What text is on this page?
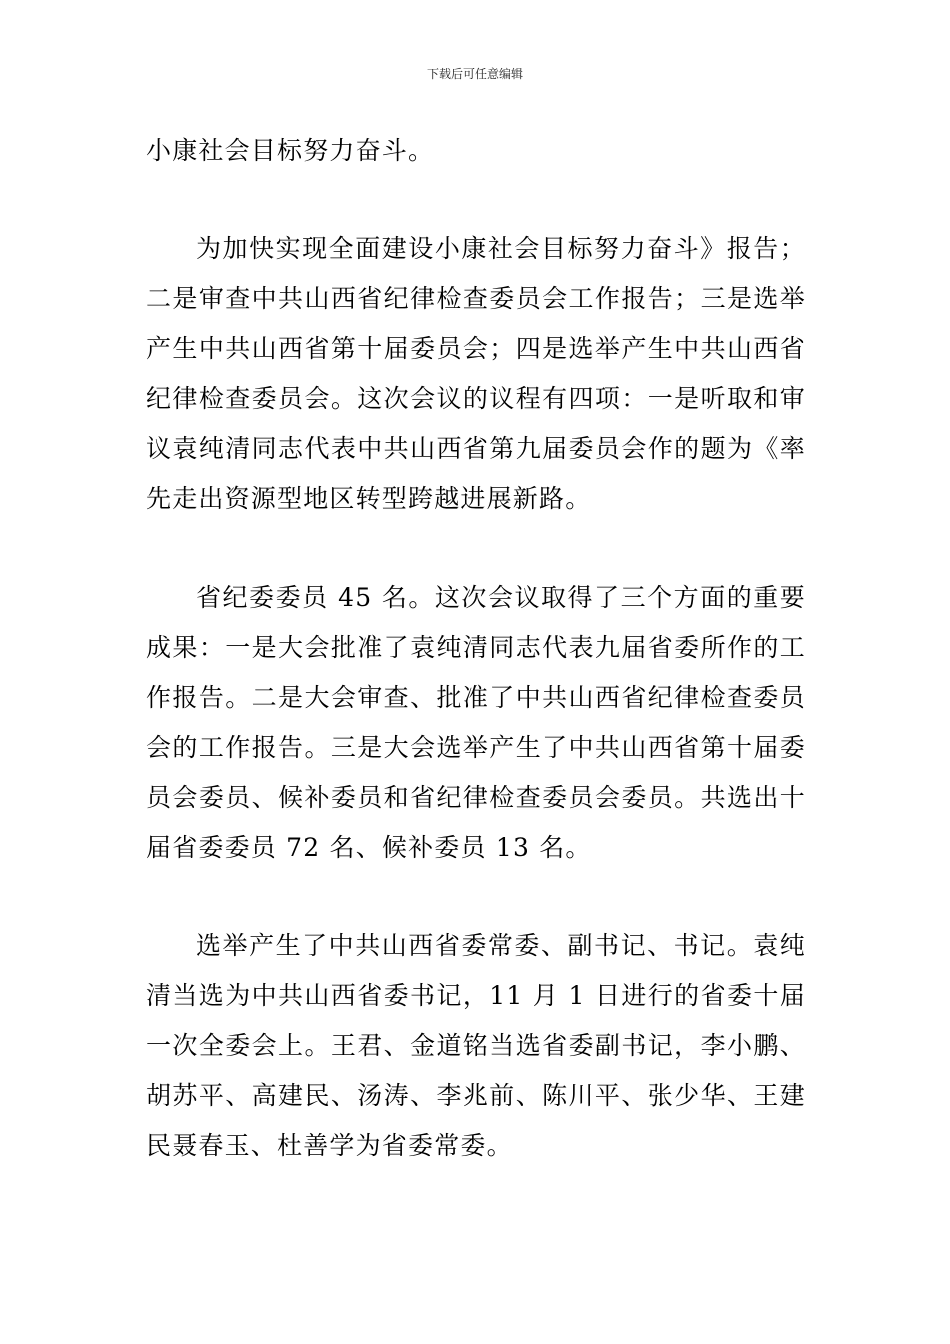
下载后可任意编辑

小康社会目标努力奋斗。

为加快实现全面建设小康社会目标努力奋斗》报告；二是审查中共山西省纪律检查委员会工作报告；三是选举产生中共山西省第十届委员会；四是选举产生中共山西省纪律检查委员会。这次会议的议程有四项：一是听取和审议袁纯清同志代表中共山西省第九届委员会作的题为《率先走出资源型地区转型跨越进展新路。

省纪委委员 45 名。这次会议取得了三个方面的重要成果：一是大会批准了袁纯清同志代表九届省委所作的工作报告。二是大会审查、批准了中共山西省纪律检查委员会的工作报告。三是大会选举产生了中共山西省第十届委员会委员、候补委员和省纪律检查委员会委员。共选出十届省委委员 72 名、候补委员 13 名。

选举产生了中共山西省委常委、副书记、书记。袁纯清当选为中共山西省委书记，11 月 1 日进行的省委十届一次全委会上。王君、金道铭当选省委副书记，李小鹏、胡苏平、高建民、汤涛、李兆前、陈川平、张少华、王建民聂春玉、杜善学为省委常委。
